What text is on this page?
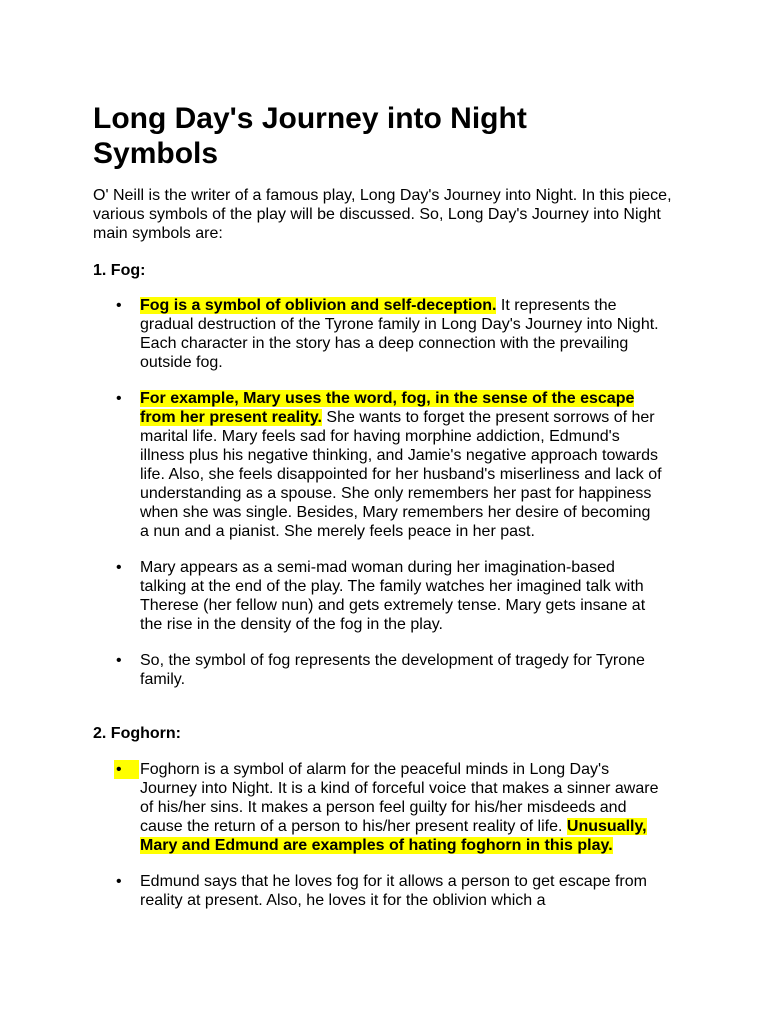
Long Day's Journey into Night Symbols

O' Neill is the writer of a famous play, Long Day's Journey into Night. In this piece, various symbols of the play will be discussed. So, Long Day's Journey into Night main symbols are:

1. Fog:
• Fog is a symbol of oblivion and self-deception. It represents the gradual destruction of the Tyrone family in Long Day's Journey into Night. Each character in the story has a deep connection with the prevailing outside fog.
• For example, Mary uses the word, fog, in the sense of the escape from her present reality. She wants to forget the present sorrows of her marital life. Mary feels sad for having morphine addiction, Edmund's illness plus his negative thinking, and Jamie's negative approach towards life. Also, she feels disappointed for her husband's miserliness and lack of understanding as a spouse. She only remembers her past for happiness when she was single. Besides, Mary remembers her desire of becoming a nun and a pianist. She merely feels peace in her past.
• Mary appears as a semi-mad woman during her imagination-based talking at the end of the play. The family watches her imagined talk with Therese (her fellow nun) and gets extremely tense. Mary gets insane at the rise in the density of the fog in the play.
• So, the symbol of fog represents the development of tragedy for Tyrone family.
2. Foghorn:
•	Foghorn is a symbol of alarm for the peaceful minds in Long Day's Journey into Night. It is a kind of forceful voice that makes a sinner aware of his/her sins. It makes a person feel guilty for his/her misdeeds and cause the return of a person to his/her present reality of life. Unusually, Mary and Edmund are examples of hating foghorn in this play.
• Edmund says that he loves fog for it allows a person to get escape from reality at present. Also, he loves it for the oblivion which a
